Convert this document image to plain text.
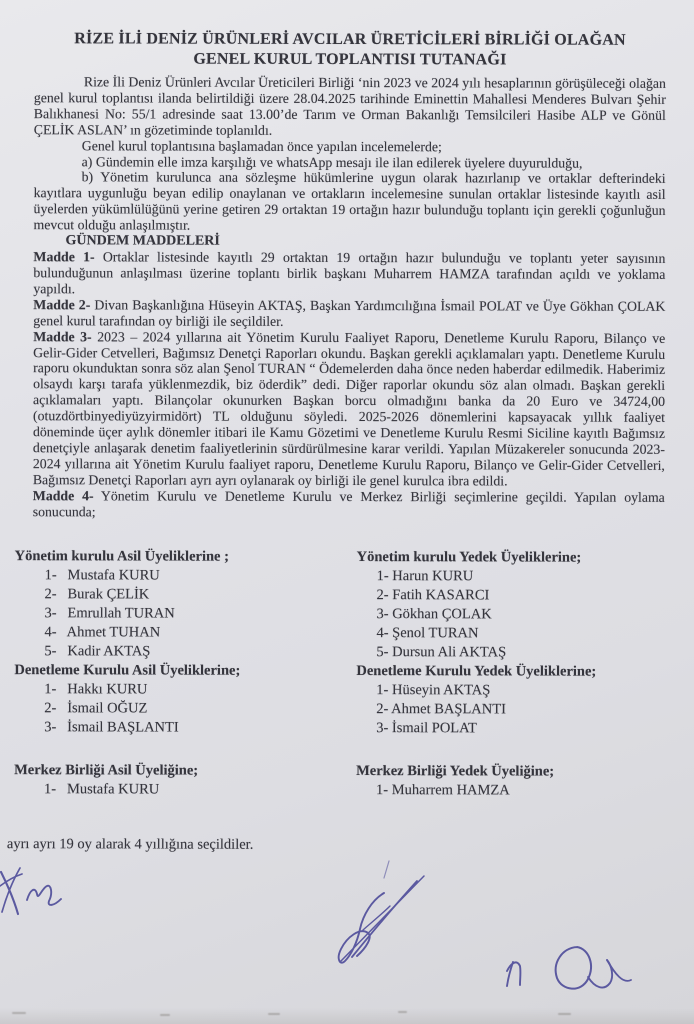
RİZE İLİ DENİZ ÜRÜNLERİ AVCILAR ÜRETİCİLERİ BİRLİĞİ OLAĞAN
GENEL KURUL TOPLANTISI TUTANAĞI

Rize İli Deniz Ürünleri Avcılar Üreticileri Birliği ‘nin 2023 ve 2024 yılı hesaplarının görüşüleceği olağan genel kurul toplantısı ilanda belirtildiği üzere 28.04.2025 tarihinde Eminettin Mahallesi Menderes Bulvarı Şehir Balıkhanesi No: 55/1 adresinde saat 13.00’de Tarım ve Orman Bakanlığı Temsilcileri Hasibe ALP ve Gönül ÇELİK ASLAN’ ın gözetiminde toplanıldı.

Genel kurul toplantısına başlamadan önce yapılan incelemelerde;

a) Gündemin elle imza karşılığı ve whatsApp mesajı ile ilan edilerek üyelere duyurulduğu,

b) Yönetim kurulunca ana sözleşme hükümlerine uygun olarak hazırlanıp ve ortaklar defterindeki kayıtlara uygunluğu beyan edilip onaylanan ve ortakların incelemesine sunulan ortaklar listesinde kayıtlı asil üyelerden yükümlülüğünü yerine getiren 29 ortaktan 19 ortağın hazır bulunduğu toplantı için gerekli çoğunluğun mevcut olduğu anlaşılmıştır.

GÜNDEM MADDELERİ

Madde 1- Ortaklar listesinde kayıtlı 29 ortaktan 19 ortağın hazır bulunduğu ve toplantı yeter sayısının bulunduğunun anlaşılması üzerine toplantı birlik başkanı Muharrem HAMZA tarafından açıldı ve yoklama yapıldı.

Madde 2- Divan Başkanlığına Hüseyin AKTAŞ, Başkan Yardımcılığına İsmail POLAT ve Üye Gökhan ÇOLAK genel kurul tarafından oy birliği ile seçildiler.

Madde 3- 2023 – 2024 yıllarına ait Yönetim Kurulu Faaliyet Raporu, Denetleme Kurulu Raporu, Bilanço ve Gelir-Gider Cetvelleri, Bağımsız Denetçi Raporları okundu. Başkan gerekli açıklamaları yaptı. Denetleme Kurulu raporu okunduktan sonra söz alan Şenol TURAN “ Ödemelerden daha önce neden haberdar edilmedik. Haberimiz olsaydı karşı tarafa yüklenmezdik, biz öderdik” dedi. Diğer raporlar okundu söz alan olmadı. Başkan gerekli açıklamaları yaptı. Bilançolar okunurken Başkan borcu olmadığını banka da 20 Euro ve 34724,00 (otuzdörtbinyediyüzyirmidört) TL olduğunu söyledi. 2025-2026 dönemlerini kapsayacak yıllık faaliyet döneminde üçer aylık dönemler itibari ile Kamu Gözetimi ve Denetleme Kurulu Resmi Siciline kayıtlı Bağımsız denetçiyle anlaşarak denetim faaliyetlerinin sürdürülmesine karar verildi. Yapılan Müzakereler sonucunda 2023-2024 yıllarına ait Yönetim Kurulu faaliyet raporu, Denetleme Kurulu Raporu, Bilanço ve Gelir-Gider Cetvelleri, Bağımsız Denetçi Raporları ayrı ayrı oylanarak oy birliği ile genel kurulca ibra edildi.

Madde 4- Yönetim Kurulu ve Denetleme Kurulu ve Merkez Birliği seçimlerine geçildi. Yapılan oylama sonucunda;

Yönetim kurulu Asil Üyeliklerine ;
1-   Mustafa KURU
2-   Burak ÇELİK
3-   Emrullah TURAN
4-   Ahmet TUHAN
5-   Kadir AKTAŞ
Denetleme Kurulu Asil Üyeliklerine;
1-   Hakkı KURU
2-   İsmail OĞUZ
3-   İsmail BAŞLANTI
Merkez Birliği Asil Üyeliğine;
1-   Mustafa KURU
Yönetim kurulu Yedek Üyeliklerine;
1- Harun KURU
2- Fatih KASARCI
3- Gökhan ÇOLAK
4- Şenol TURAN
5- Dursun Ali AKTAŞ
Denetleme Kurulu Yedek Üyeliklerine;
1- Hüseyin AKTAŞ
2- Ahmet BAŞLANTI
3- İsmail POLAT
Merkez Birliği Yedek Üyeliğine;
1- Muharrem HAMZA

ayrı ayrı 19 oy alarak 4 yıllığına seçildiler.
